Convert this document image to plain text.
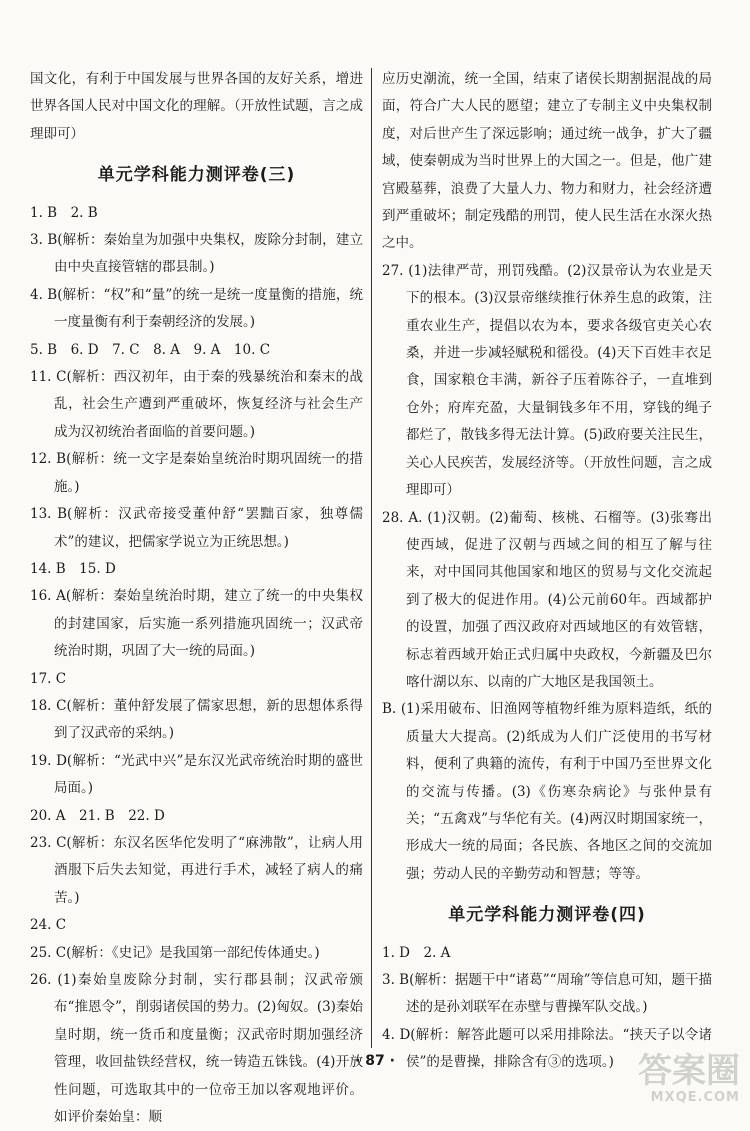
国文化，有利于中国发展与世界各国的友好关系，增进世界各国人民对中国文化的理解。（开放性试题，言之成理即可）

单元学科能力测评卷(三)

1. B　2. B

3. B(解析：秦始皇为加强中央集权，废除分封制，建立由中央直接管辖的郡县制。)

4. B(解析：“权”和“量”的统一是统一度量衡的措施，统一度量衡有利于秦朝经济的发展。)

5. B　6. D　7. C　8. A　9. A　10. C

11. C(解析：西汉初年，由于秦的残暴统治和秦末的战乱，社会生产遭到严重破坏，恢复经济与社会生产成为汉初统治者面临的首要问题。)

12. B(解析：统一文字是秦始皇统治时期巩固统一的措施。)

13. B(解析：汉武帝接受董仲舒“罢黜百家，独尊儒术”的建议，把儒家学说立为正统思想。)

14. B　15. D

16. A(解析：秦始皇统治时期，建立了统一的中央集权的封建国家，后实施一系列措施巩固统一；汉武帝统治时期，巩固了大一统的局面。)

17. C

18. C(解析：董仲舒发展了儒家思想，新的思想体系得到了汉武帝的采纳。)

19. D(解析：“光武中兴”是东汉光武帝统治时期的盛世局面。)

20. A　21. B　22. D

23. C(解析：东汉名医华佗发明了“麻沸散”，让病人用酒服下后失去知觉，再进行手术，减轻了病人的痛苦。)

24. C

25. C(解析：《史记》是我国第一部纪传体通史。)

26. (1)秦始皇废除分封制，实行郡县制；汉武帝颁布“推恩令”，削弱诸侯国的势力。(2)匈奴。(3)秦始皇时期，统一货币和度量衡；汉武帝时期加强经济管理，收回盐铁经营权，统一铸造五铢钱。(4)开放性问题，可选取其中的一位帝王加以客观地评价。如评价秦始皇：顺

应历史潮流，统一全国，结束了诸侯长期割据混战的局面，符合广大人民的愿望；建立了专制主义中央集权制度，对后世产生了深远影响；通过统一战争，扩大了疆域，使秦朝成为当时世界上的大国之一。但是，他广建宫殿墓葬，浪费了大量人力、物力和财力，社会经济遭到严重破坏；制定残酷的刑罚，使人民生活在水深火热之中。

27. (1)法律严苛，刑罚残酷。(2)汉景帝认为农业是天下的根本。(3)汉景帝继续推行休养生息的政策，注重农业生产，提倡以农为本，要求各级官吏关心农桑，并进一步减轻赋税和徭役。(4)天下百姓丰衣足食，国家粮仓丰满，新谷子压着陈谷子，一直堆到仓外；府库充盈，大量铜钱多年不用，穿钱的绳子都烂了，散钱多得无法计算。(5)政府要关注民生，关心人民疾苦，发展经济等。（开放性问题，言之成理即可）

28. A. (1)汉朝。(2)葡萄、核桃、石榴等。(3)张骞出使西域，促进了汉朝与西域之间的相互了解与往来，对中国同其他国家和地区的贸易与文化交流起到了极大的促进作用。(4)公元前60年。西域都护的设置，加强了西汉政府对西域地区的有效管辖，标志着西域开始正式归属中央政权，今新疆及巴尔喀什湖以东、以南的广大地区是我国领土。

B. (1)采用破布、旧渔网等植物纤维为原料造纸，纸的质量大大提高。(2)纸成为人们广泛使用的书写材料，便利了典籍的流传，有利于中国乃至世界文化的交流与传播。(3)《伤寒杂病论》与张仲景有关；“五禽戏”与华佗有关。(4)两汉时期国家统一，形成大一统的局面；各民族、各地区之间的交流加强；劳动人民的辛勤劳动和智慧；等等。

单元学科能力测评卷(四)

1. D　2. A

3. B(解析：据题干中“诸葛”“周瑜”等信息可知，题干描述的是孙刘联军在赤壁与曹操军队交战。)

4. D(解析：解答此题可以采用排除法。“挟天子以令诸侯”的是曹操，排除含有③的选项。)

· 87 ·	答案圈
MXQE.COM
